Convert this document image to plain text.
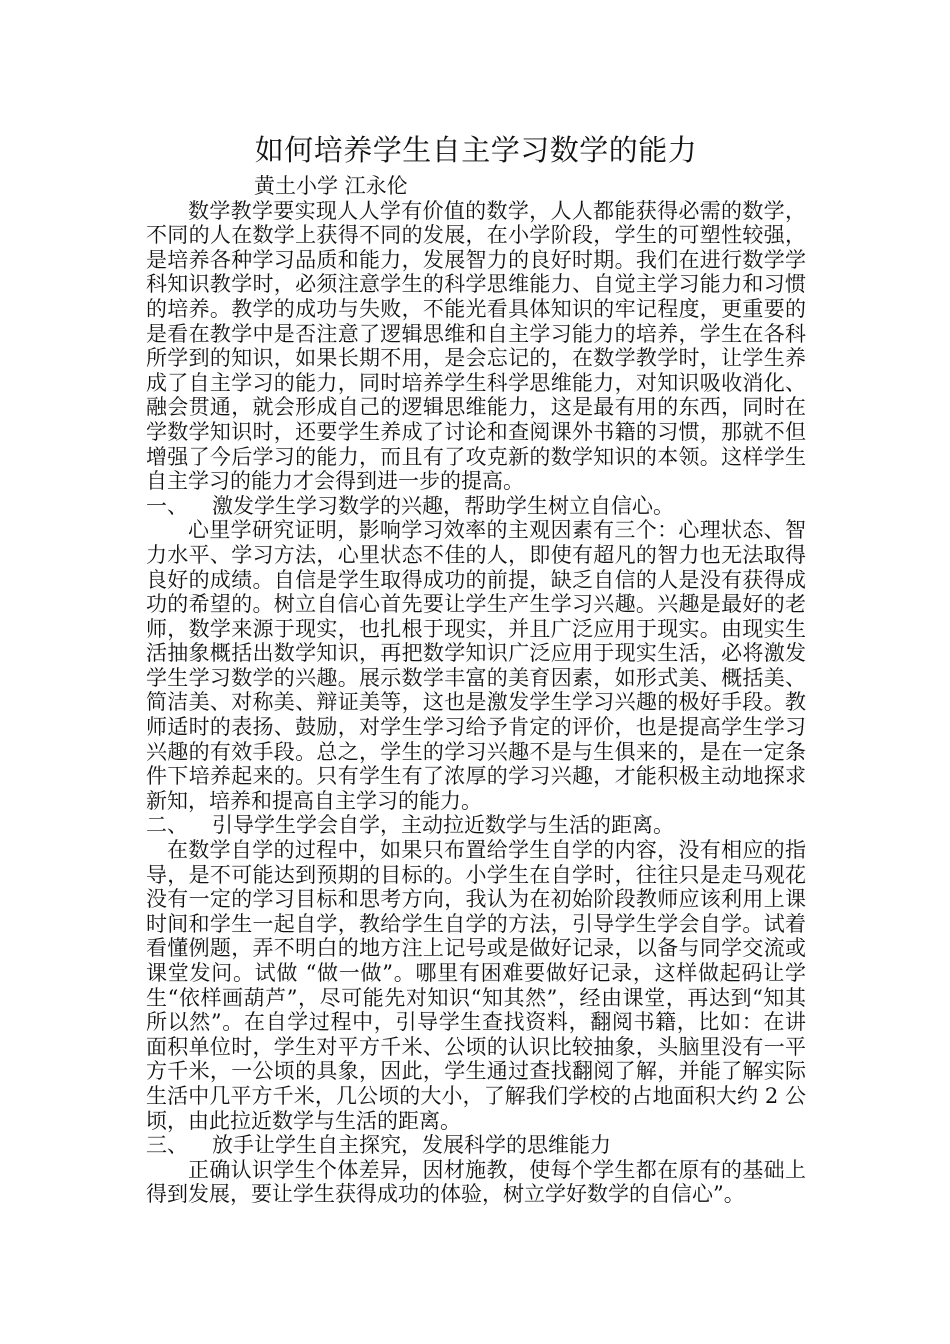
如何培养学生自主学习数学的能力

黄土小学 江永伦

数学教学要实现人人学有价值的数学，人人都能获得必需的数学，不同的人在数学上获得不同的发展，在小学阶段，学生的可塑性较强，是培养各种学习品质和能力，发展智力的良好时期。我们在进行数学学科知识教学时，必须注意学生的科学思维能力、自觉主学习能力和习惯的培养。教学的成功与失败，不能光看具体知识的牢记程度，更重要的是看在教学中是否注意了逻辑思维和自主学习能力的培养，学生在各科所学到的知识，如果长期不用，是会忘记的，在数学教学时，让学生养成了自主学习的能力，同时培养学生科学思维能力，对知识吸收消化、融会贯通，就会形成自己的逻辑思维能力，这是最有用的东西，同时在学数学知识时，还要学生养成了讨论和查阅课外书籍的习惯，那就不但增强了今后学习的能力，而且有了攻克新的数学知识的本领。这样学生自主学习的能力才会得到进一步的提高。

一、	激发学生学习数学的兴趣，帮助学生树立自信心。

心里学研究证明，影响学习效率的主观因素有三个：心理状态、智力水平、学习方法，心里状态不佳的人，即使有超凡的智力也无法取得良好的成绩。自信是学生取得成功的前提，缺乏自信的人是没有获得成功的希望的。树立自信心首先要让学生产生学习兴趣。兴趣是最好的老师，数学来源于现实，也扎根于现实，并且广泛应用于现实。由现实生活抽象概括出数学知识，再把数学知识广泛应用于现实生活，必将激发学生学习数学的兴趣。展示数学丰富的美育因素，如形式美、概括美、简洁美、对称美、辩证美等，这也是激发学生学习兴趣的极好手段。教师适时的表扬、鼓励，对学生学习给予肯定的评价，也是提高学生学习兴趣的有效手段。总之，学生的学习兴趣不是与生俱来的，是在一定条件下培养起来的。只有学生有了浓厚的学习兴趣，才能积极主动地探求新知，培养和提高自主学习的能力。

二、	引导学生学会自学，主动拉近数学与生活的距离。

在数学自学的过程中，如果只布置给学生自学的内容，没有相应的指导，是不可能达到预期的目标的。小学生在自学时，往往只是走马观花没有一定的学习目标和思考方向，我认为在初始阶段教师应该利用上课时间和学生一起自学，教给学生自学的方法，引导学生学会自学。试着看懂例题，弄不明白的地方注上记号或是做好记录，以备与同学交流或课堂发问。试做 “做一做”。哪里有困难要做好记录，这样做起码让学生“依样画葫芦”，尽可能先对知识“知其然”，经由课堂，再达到“知其所以然”。在自学过程中，引导学生查找资料，翻阅书籍，比如：在讲面积单位时，学生对平方千米、公顷的认识比较抽象，头脑里没有一平方千米，一公顷的具象，因此，学生通过查找翻阅了解，并能了解实际生活中几平方千米，几公顷的大小，了解我们学校的占地面积大约 2 公顷，由此拉近数学与生活的距离。

三、	放手让学生自主探究，发展科学的思维能力

正确认识学生个体差异，因材施教，使每个学生都在原有的基础上得到发展，要让学生获得成功的体验，树立学好数学的自信心”。
